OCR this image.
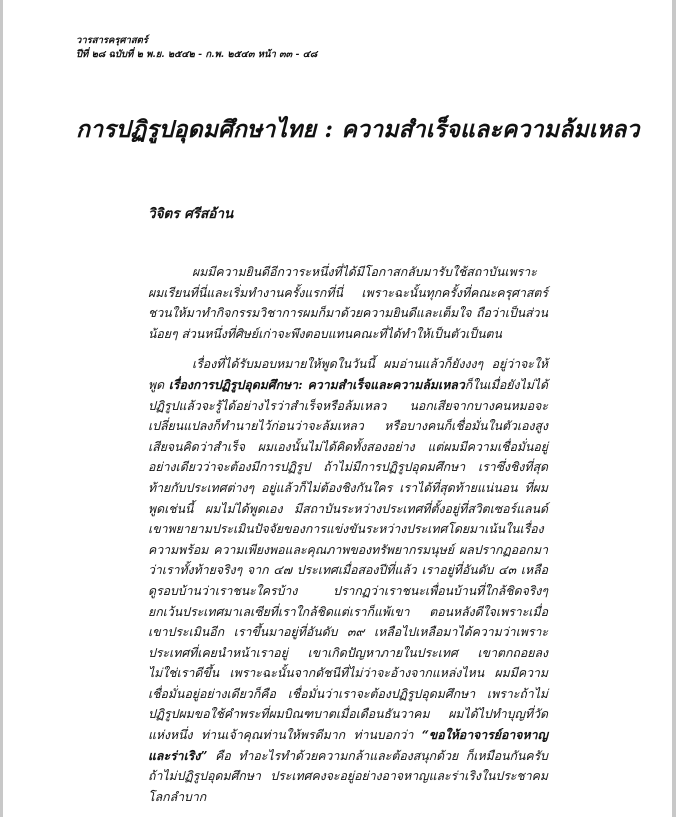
วารสารครุศาสตร์
ปีที่ ๒๘ ฉบับที่ ๒ พ.ย. ๒๕๔๒ - ก.พ. ๒๕๔๓ หน้า ๓๓ - ๔๘
การปฏิรูปอุดมศึกษาไทย : ความสำเร็จและความล้มเหลว
วิจิตร ศรีสอ้าน

ผมมีความยินดีอีกวาระหนึ่งที่ได้มีโอกาสกลับมารับใช้สถาบันเพราะผมเรียนที่นี่และเริ่มทำงานครั้งแรกที่นี่ เพราะฉะนั้นทุกครั้งที่คณะครุศาสตร์ชวนให้มาทำกิจกรรมวิชาการผมก็มาด้วยความยินดีและเต็มใจ ถือว่าเป็นส่วนน้อยๆ ส่วนหนึ่งที่ศิษย์เก่าจะพึงตอบแทนคณะที่ได้ทำให้เป็นตัวเป็นตน

เรื่องที่ได้รับมอบหมายให้พูดในวันนี้ ผมอ่านแล้วก็ยังงงๆ อยู่ว่าจะให้พูด เรื่องการปฏิรูปอุดมศึกษา: ความสำเร็จและความล้มเหลวก็ในเมื่อยังไม่ได้ปฏิรูปแล้วจะรู้ได้อย่างไรว่าสำเร็จหรือล้มเหลว นอกเสียจากบางคนหมอจะเปลี่ยนแปลงก็ทำนายไว้ก่อนว่าจะล้มเหลว หรือบางคนก็เชื่อมั่นในตัวเองสูงเสียจนคิดว่าสำเร็จ ผมเองนั้นไม่ได้คิดทั้งสองอย่าง แต่ผมมีความเชื่อมั่นอยู่อย่างเดียวว่าจะต้องมีการปฏิรูป ถ้าไม่มีการปฏิรูปอุดมศึกษา เราซึ่งชิงที่สุดท้ายกับประเทศต่างๆ อยู่แล้วก็ไม่ต้องชิงกันใคร เราได้ที่สุดท้ายแน่นอน ที่ผมพูดเช่นนี้ ผมไม่ได้พูดเอง มีสถาบันระหว่างประเทศที่ตั้งอยู่ที่สวิตเซอร์แลนด์ เขาพยายามประเมินปัจจัยของการแข่งขันระหว่างประเทศโดยมาเน้นในเรื่องความพร้อม ความเพียงพอและคุณภาพของทรัพยากรมนุษย์ ผลปรากฏออกมาว่าเราทั้งท้ายจริงๆ จาก ๔๗ ประเทศเมื่อสองปีที่แล้ว เราอยู่ที่อันดับ ๔๓ เหลือดูรอบบ้านว่าเราชนะใครบ้าง ปรากฏว่าเราชนะเพื่อนบ้านที่ใกล้ชิดจริงๆ ยกเว้นประเทศมาเลเซียที่เราใกล้ชิดแต่เราก็แพ้เขา ตอนหลังดีใจเพราะเมื่อเขาประเมินอีก เราขึ้นมาอยู่ที่อันดับ ๓๙ เหลือไปเหลือมาได้ความว่าเพราะประเทศที่เคยนำหน้าเราอยู่ เขาเกิดปัญหาภายในประเทศ เขาตกถอยลง ไม่ใช่เราดีขึ้น เพราะฉะนั้นจากดัชนีที่ไม่ว่าจะอ้างจากแหล่งไหน ผมมีความเชื่อมั่นอยู่อย่างเดียวก็คือ เชื่อมั่นว่าเราจะต้องปฏิรูปอุดมศึกษา เพราะถ้าไม่ปฏิรูปผมขอใช้คำพระที่ผมบิณฑบาตเมื่อเดือนธันวาคม ผมได้ไปทำบุญที่วัดแห่งหนึ่ง ท่านเจ้าคุณท่านให้พรดีมาก ท่านบอกว่า “ขอให้อาจารย์อาจหาญและร่าเริง” คือ ทำอะไรทำด้วยความกล้าและต้องสนุกด้วย ก็เหมือนกันครับ ถ้าไม่ปฏิรูปอุดมศึกษา ประเทศคงจะอยู่อย่างอาจหาญและร่าเริงในประชาคมโลกลำบาก
